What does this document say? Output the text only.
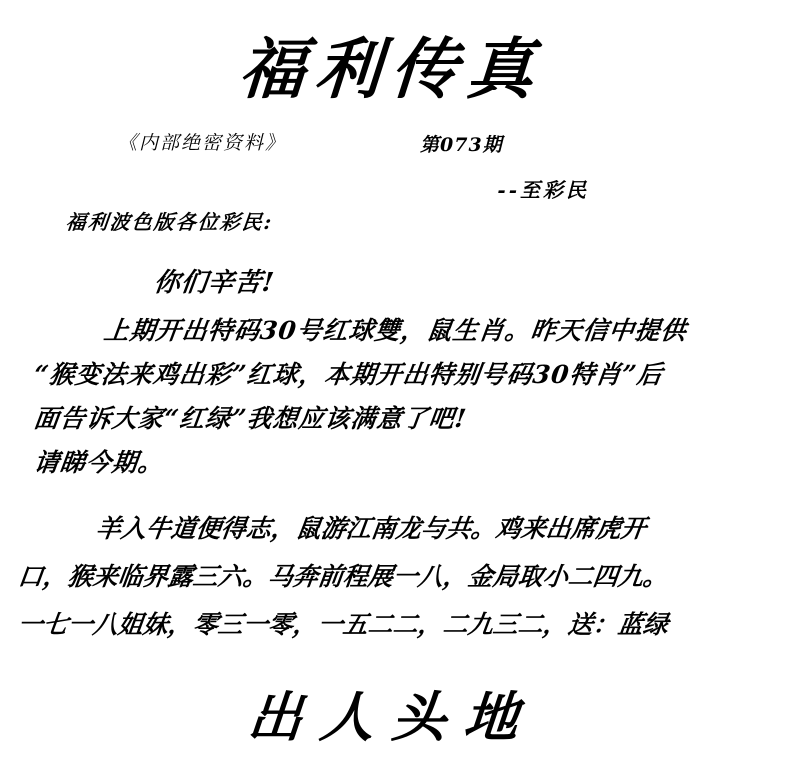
福利传真
《内部绝密资料》	第073期
--至彩民
福利波色版各位彩民:
你们辛苦!
上期开出特码30号红球雙，鼠生肖。昨天信中提供
“猴变法来鸡出彩”红球，本期开出特别号码30特肖”后
面告诉大家“红绿”我想应该满意了吧!
请睇今期。
羊入牛道便得志，鼠游江南龙与共。鸡来出席虎开
口，猴来临界露三六。马奔前程展一八，金局取小二四九。
一七一八姐妹，零三一零，一五二二，二九三二，送：蓝绿
出人头地
